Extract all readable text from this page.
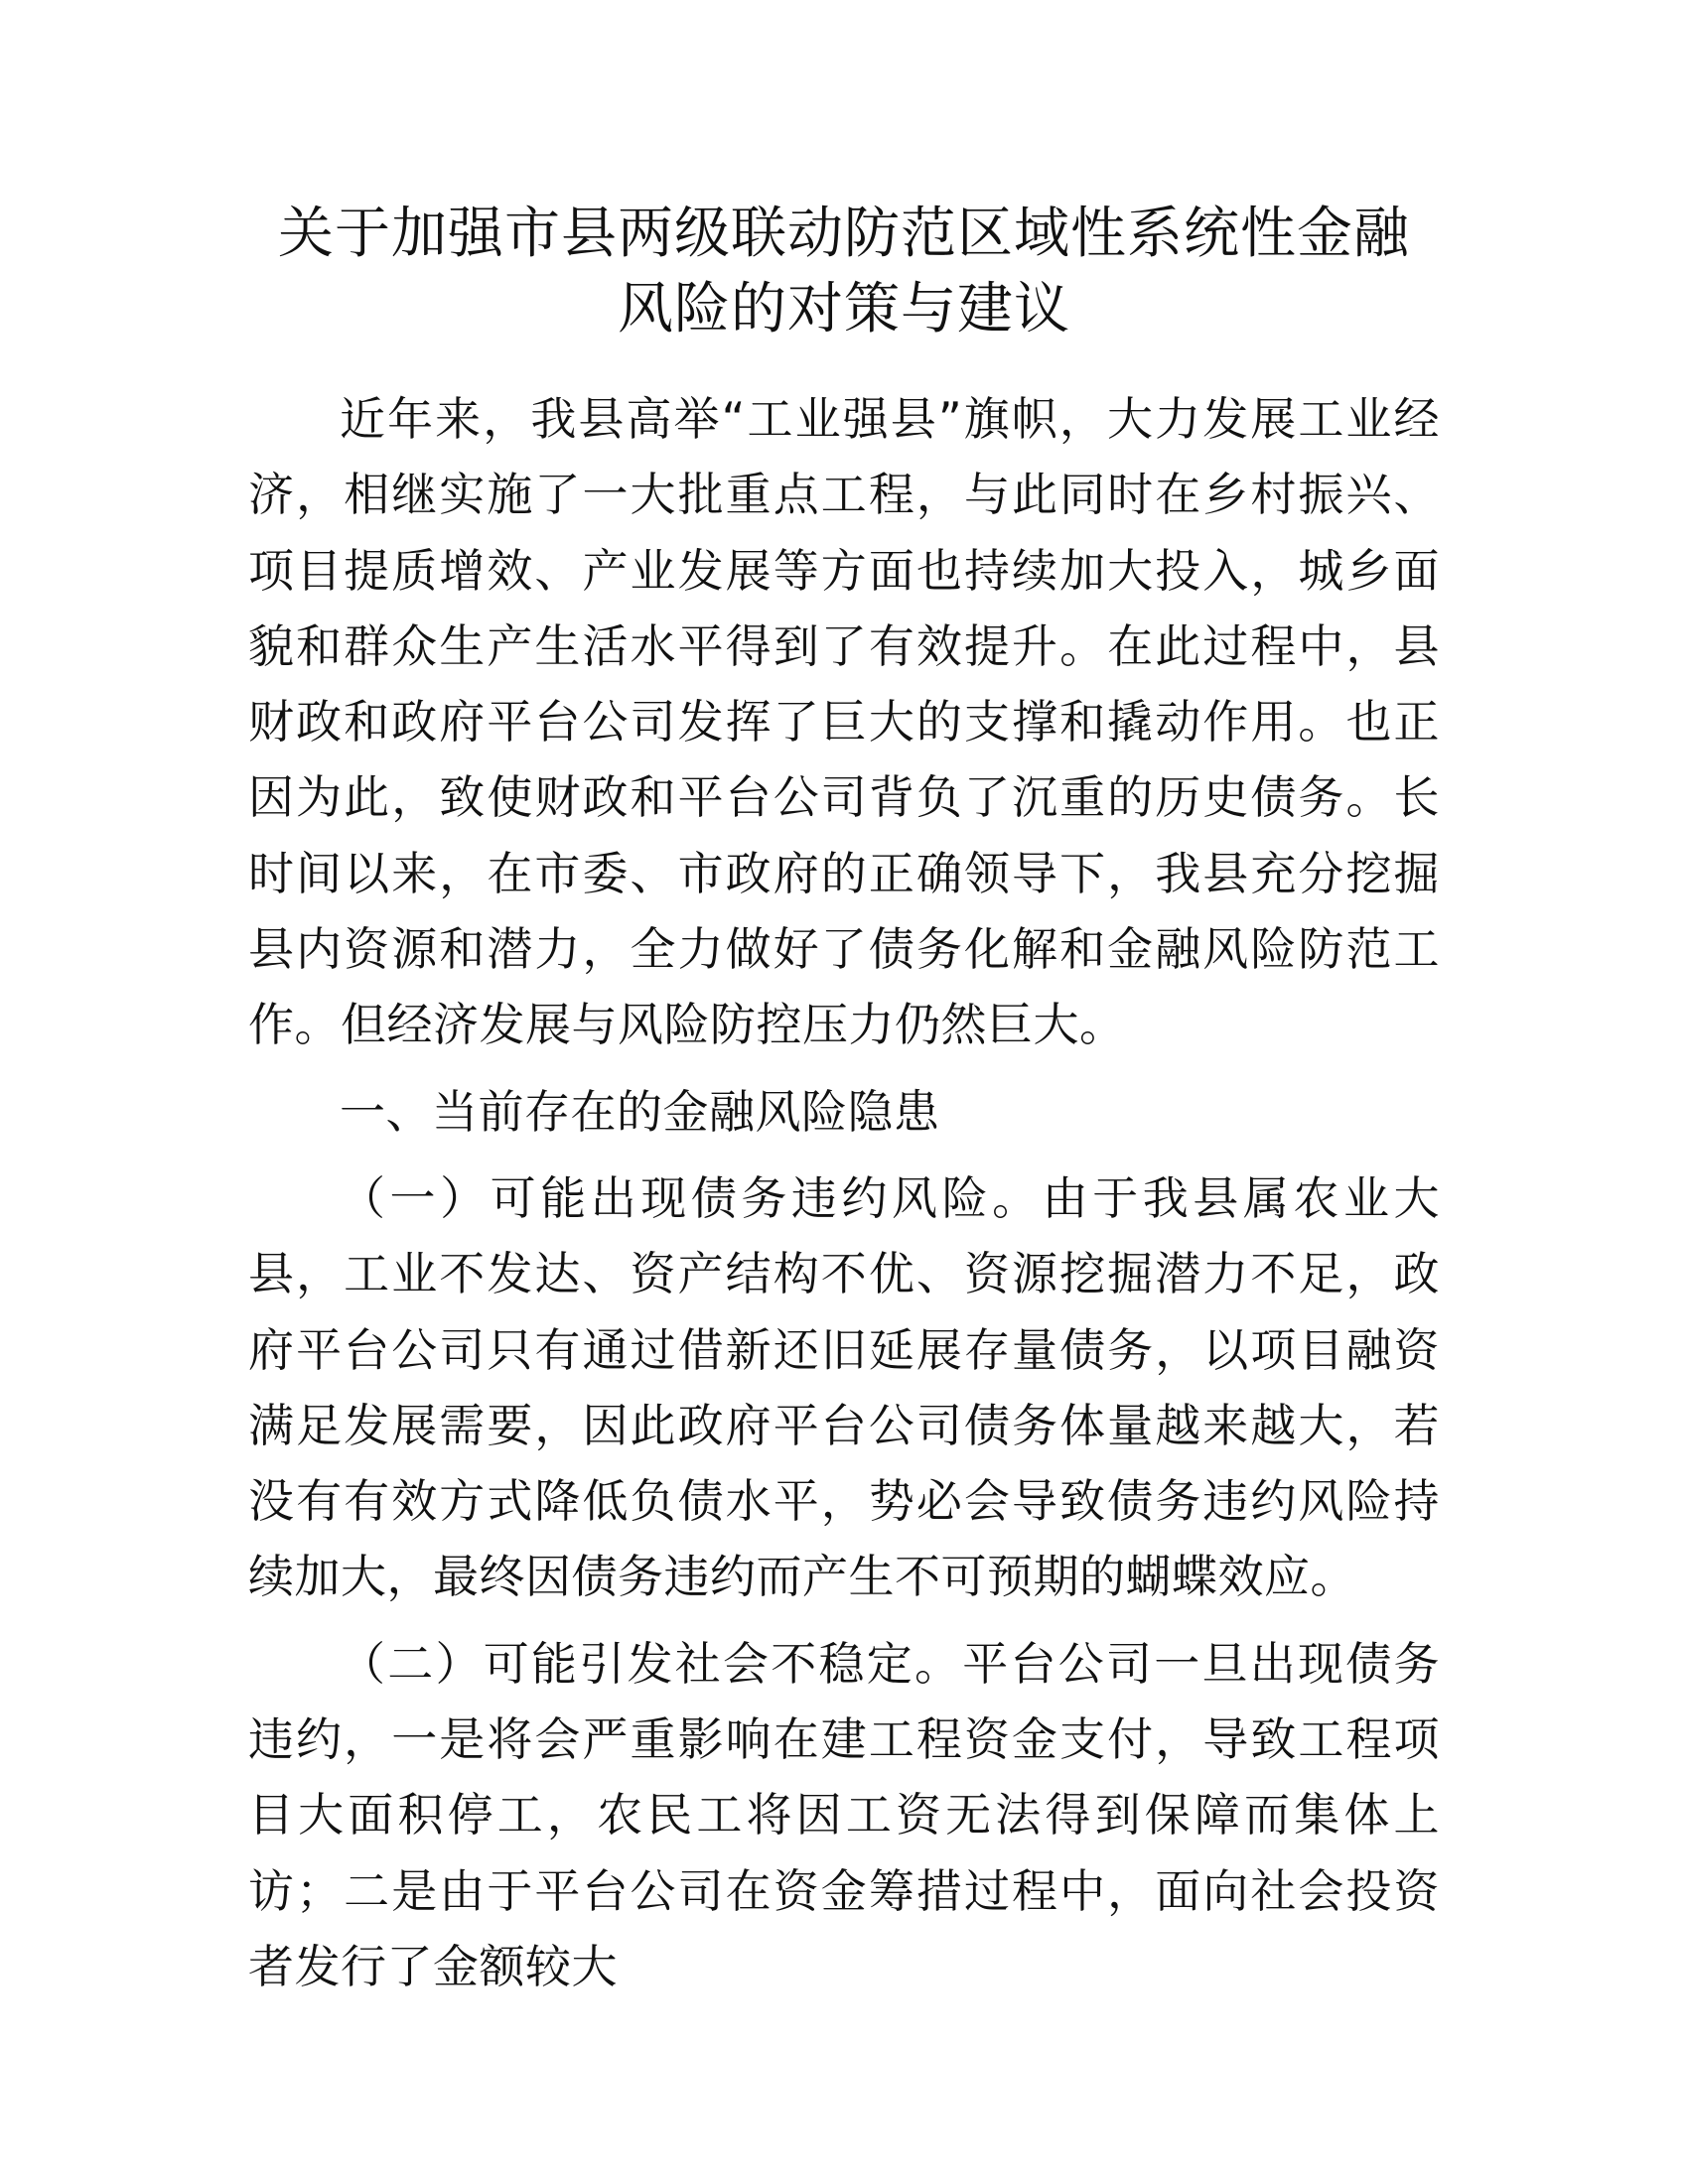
关于加强市县两级联动防范区域性系统性金融
风险的对策与建议

近年来，我县高举“工业强县”旗帜，大力发展工业经济，相继实施了一大批重点工程，与此同时在乡村振兴、项目提质增效、产业发展等方面也持续加大投入，城乡面貌和群众生产生活水平得到了有效提升。在此过程中，县财政和政府平台公司发挥了巨大的支撑和撬动作用。也正因为此，致使财政和平台公司背负了沉重的历史债务。长时间以来，在市委、市政府的正确领导下，我县充分挖掘县内资源和潜力，全力做好了债务化解和金融风险防范工作。但经济发展与风险防控压力仍然巨大。

一、当前存在的金融风险隐患

（一）可能出现债务违约风险。由于我县属农业大县，工业不发达、资产结构不优、资源挖掘潜力不足，政府平台公司只有通过借新还旧延展存量债务，以项目融资满足发展需要，因此政府平台公司债务体量越来越大，若没有有效方式降低负债水平，势必会导致债务违约风险持续加大，最终因债务违约而产生不可预期的蝴蝶效应。

（二）可能引发社会不稳定。平台公司一旦出现债务违约，一是将会严重影响在建工程资金支付，导致工程项目大面积停工，农民工将因工资无法得到保障而集体上访；二是由于平台公司在资金筹措过程中，面向社会投资者发行了金额较大
